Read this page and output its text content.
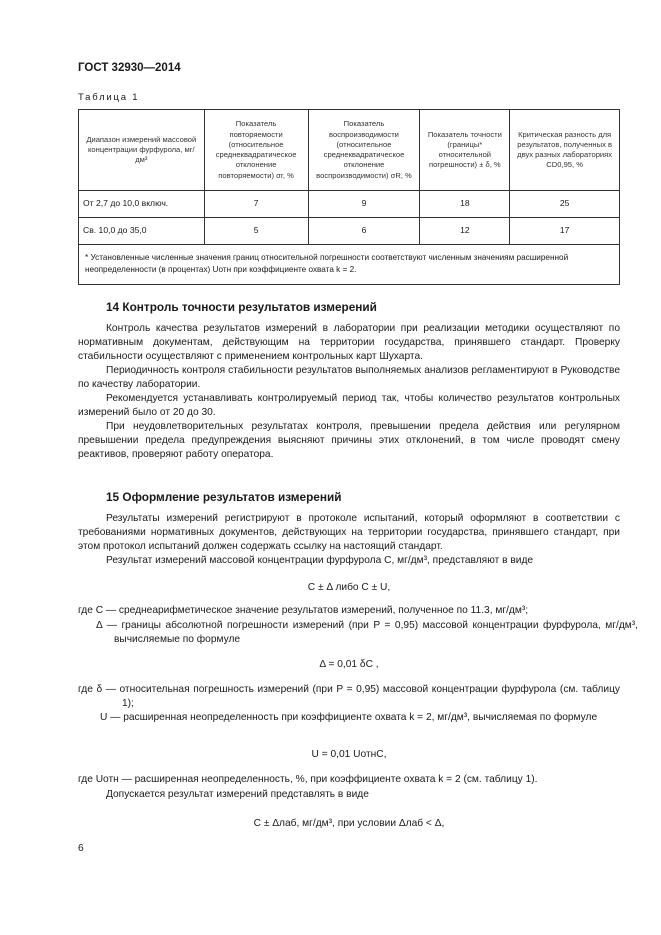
ГОСТ 32930—2014
Таблица 1
Диапазон измерений массовой концентрации фурфурола, мг/дм³	Показатель повторяемости (относительное среднеквадратическое отклонение повторяемости) σr, %	Показатель воспроизводимости (относительное среднеквадратическое отклонение воспроизводимости) σR, %	Показатель точности (границы* относительной погрешности) ± δ, %	Критическая разность для результатов, полученных в двух разных лабораториях CD0,95, %
От 2,7 до 10,0 включ.	7	9	18	25
Св. 10,0 до 35,0	5	6	12	17
* Установленные численные значения границ относительной погрешности соответствуют численным значениям расширенной неопределенности (в процентах) Uотн при коэффициенте охвата k = 2.				
14 Контроль точности результатов измерений
Контроль качества результатов измерений в лаборатории при реализации методики осуществляют по нормативным документам, действующим на территории государства, принявшего стандарт. Проверку стабильности осуществляют с применением контрольных карт Шухарта.
Периодичность контроля стабильности результатов выполняемых анализов регламентируют в Руководстве по качеству лаборатории.
Рекомендуется устанавливать контролируемый период так, чтобы количество результатов контрольных измерений было от 20 до 30.
При неудовлетворительных результатах контроля, превышении предела действия или регулярном превышении предела предупреждения выясняют причины этих отклонений, в том числе проводят смену реактивов, проверяют работу оператора.
15 Оформление результатов измерений
Результаты измерений регистрируют в протоколе испытаний, который оформляют в соответствии с требованиями нормативных документов, действующих на территории государства, принявшего стандарт, при этом протокол испытаний должен содержать ссылку на настоящий стандарт.
Результат измерений массовой концентрации фурфурола C, мг/дм³, представляют в виде
C ± Δ либо C ± U,
где C — среднеарифметическое значение результатов измерений, полученное по 11.3, мг/дм³;
Δ — границы абсолютной погрешности измерений (при P = 0,95) массовой концентрации фурфурола, мг/дм³, вычисляемые по формуле
Δ = 0,01 δC ,
где δ — относительная погрешность измерений (при P = 0,95) массовой концентрации фурфурола (см. таблицу 1);
U — расширенная неопределенность при коэффициенте охвата k = 2, мг/дм³, вычисляемая по формуле
U = 0,01 UотнC,
где Uотн — расширенная неопределенность, %, при коэффициенте охвата k = 2 (см. таблицу 1).
Допускается результат измерений представлять в виде
C ± Δлаб, мг/дм³, при условии Δлаб < Δ,
6
